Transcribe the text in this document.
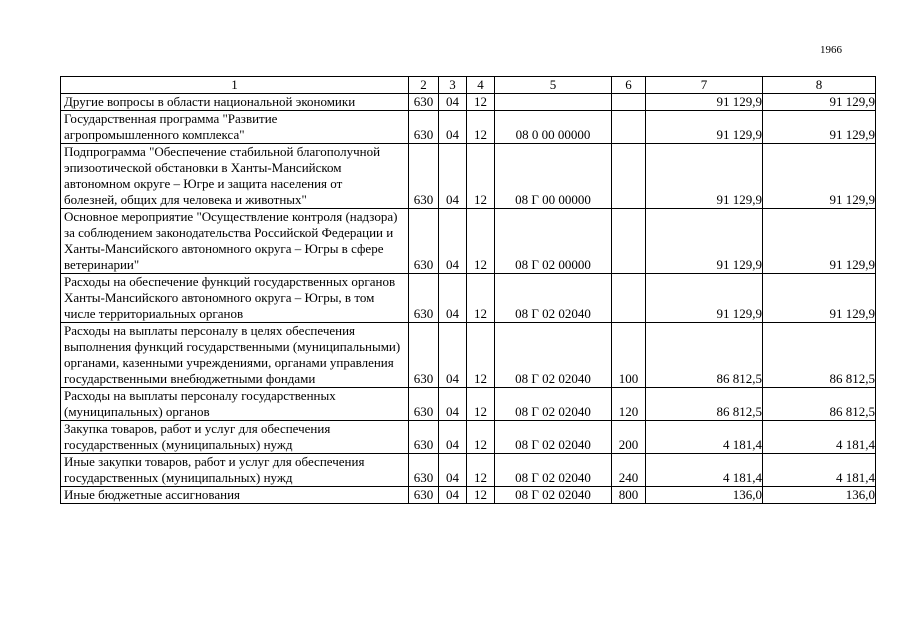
1966
1	2	3	4	5	6	7	8
Другие вопросы в области национальной экономики	630	04	12			91 129,9	91 129,9

Государственная программа "Развитие агропромышленного комплекса"	630	04	12	08 0 00 00000		91 129,9	91 129,9

Подпрограмма "Обеспечение стабильной благополучной эпизоотической обстановки в Ханты-Мансийском автономном округе – Югре и защита населения от болезней, общих для человека и животных"	630	04	12	08 Г 00 00000		91 129,9	91 129,9

Основное мероприятие "Осуществление контроля (надзора) за соблюдением законодательства Российской Федерации и Ханты-Мансийского автономного округа – Югры в сфере ветеринарии"	630	04	12	08 Г 02 00000		91 129,9	91 129,9

Расходы на обеспечение функций государственных органов Ханты-Мансийского автономного округа – Югры, в том числе территориальных органов	630	04	12	08 Г 02 02040		91 129,9	91 129,9

Расходы на выплаты персоналу в целях обеспечения выполнения функций государственными (муниципальными) органами, казенными учреждениями, органами управления государственными внебюджетными фондами	630	04	12	08 Г 02 02040	100	86 812,5	86 812,5

Расходы на выплаты персоналу государственных (муниципальных) органов	630	04	12	08 Г 02 02040	120	86 812,5	86 812,5

Закупка товаров, работ и услуг для обеспечения государственных (муниципальных) нужд	630	04	12	08 Г 02 02040	200	4 181,4	4 181,4

Иные закупки товаров, работ и услуг для обеспечения государственных (муниципальных) нужд	630	04	12	08 Г 02 02040	240	4 181,4	4 181,4
Иные бюджетные ассигнования	630	04	12	08 Г 02 02040	800	136,0	136,0
